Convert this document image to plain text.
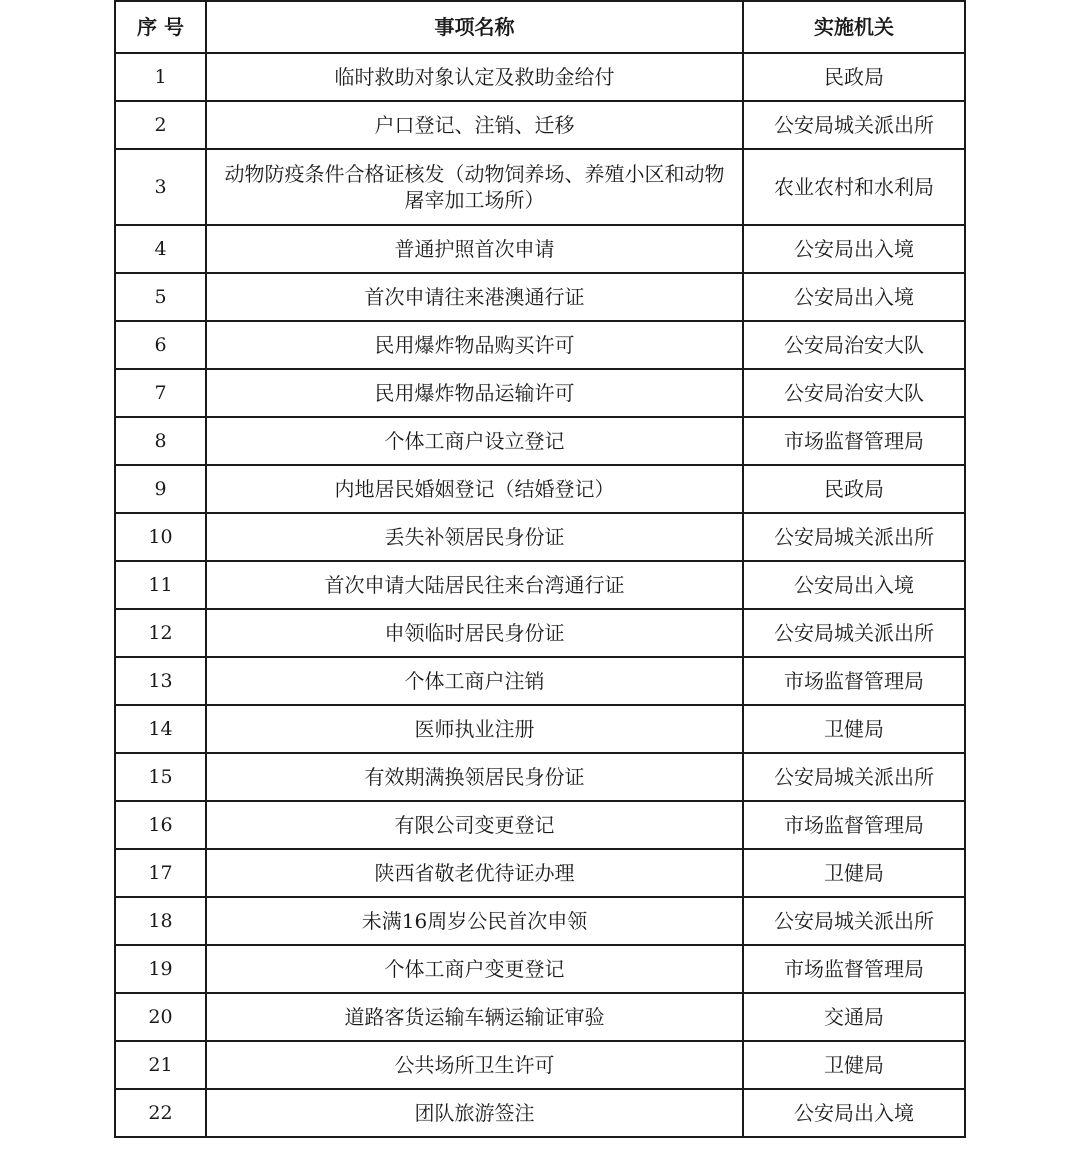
序 号	事项名称	实施机关
1	临时救助对象认定及救助金给付	民政局
2	户口登记、注销、迁移	公安局城关派出所
3	动物防疫条件合格证核发（动物饲养场、养殖小区和动物屠宰加工场所）	农业农村和水利局
4	普通护照首次申请	公安局出入境
5	首次申请往来港澳通行证	公安局出入境
6	民用爆炸物品购买许可	公安局治安大队
7	民用爆炸物品运输许可	公安局治安大队
8	个体工商户设立登记	市场监督管理局
9	内地居民婚姻登记（结婚登记）	民政局
10	丢失补领居民身份证	公安局城关派出所
11	首次申请大陆居民往来台湾通行证	公安局出入境
12	申领临时居民身份证	公安局城关派出所
13	个体工商户注销	市场监督管理局
14	医师执业注册	卫健局
15	有效期满换领居民身份证	公安局城关派出所
16	有限公司变更登记	市场监督管理局
17	陕西省敬老优待证办理	卫健局
18	未满16周岁公民首次申领	公安局城关派出所
19	个体工商户变更登记	市场监督管理局
20	道路客货运输车辆运输证审验	交通局
21	公共场所卫生许可	卫健局
22	团队旅游签注	公安局出入境
